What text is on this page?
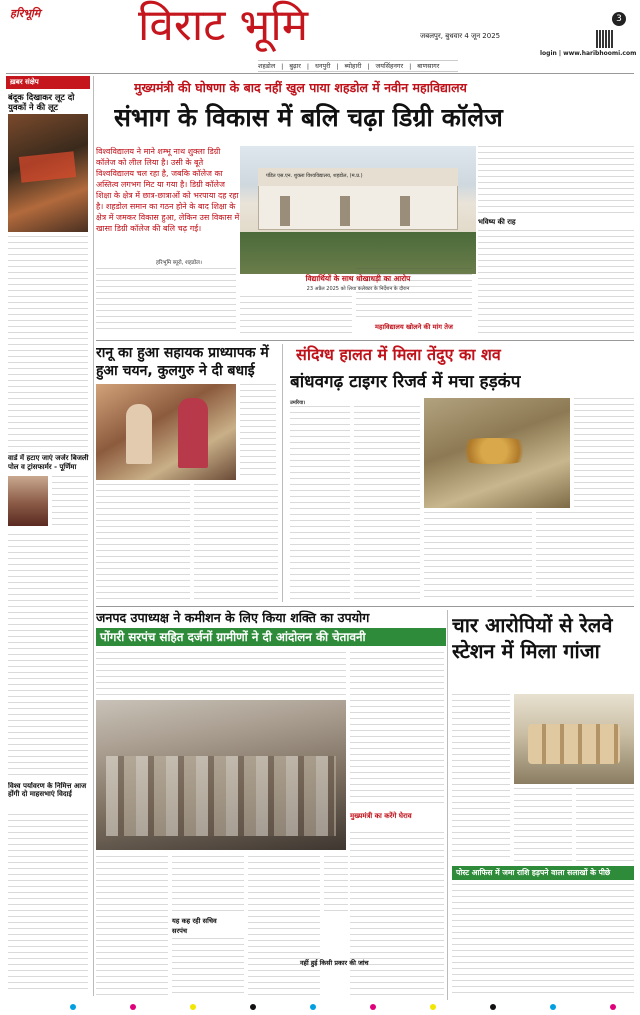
हरिभूमि विराट भूमि	3
जबलपुर, बुधवार 4 जून 2025
login | www.haribhoomi.com
शहडोल | बुढ़ार | धनपुरी | ब्योहारी | जयसिंहनगर | बाणसागर
ख़बर संक्षेप
बंदूक दिखाकर लूट दो युवकों ने की लूट
वार्ड में हटाए जाएं जर्जर बिजली पोल व ट्रांसफार्मर - पूर्णिमा
विश्व पर्यावरण के निमित्त आज होंगी दो माहसभाएं विदाई
मुख्यमंत्री की घोषणा के बाद नहीं खुल पाया शहडोल में नवीन महाविद्यालय
संभाग के विकास में बलि चढ़ा डिग्री कॉलेज
विश्वविद्यालय ने माने शम्भू नाथ शुक्ला डिग्री कॉलेज को लील लिया है। उसी के बूते विश्वविद्यालय चल रहा है, जबकि कॉलेज का अस्तित्व लगभग मिट या गया है। डिग्री कॉलेज शिक्षा के क्षेत्र में छात्र-छात्राओं को भरपाया दह रहा है। शहडोल समान का गठन होने के बाद शिक्षा के क्षेत्र में जमकर विकास हुआ, लेकिन उस विकास में खासा डिग्री कॉलेज की बलि चढ़ गई।
हरिभूमि ब्यूरो, शहडोल।
पंडित एस.एन. शुक्ला विश्वविद्यालय, शहडोल, (म.प्र.)
विद्यार्थियों के साथ धोखाधड़ी का आरोप
23 अप्रैल 2025 को लिया कलेक्टर के निर्देशन के दौरान
महाविद्यालय खोलने की मांग तेज
भविष्य की राह
रानू का हुआ सहायक प्राध्यापक में हुआ चयन, कुलगुरु ने दी बधाई
संदिग्ध हालत में मिला तेंदुए का शव
बांधवगढ़ टाइगर रिजर्व में मचा हड़कंप
उमरिया।
जनपद उपाध्यक्ष ने कमीशन के लिए किया शक्ति का उपयोग
पोंगरी सरपंच सहित दर्जनों ग्रामीणों ने दी आंदोलन की चेतावनी
यह कह रही सचिव
सरपंच
नहीं हुई किसी प्रकार की जांच
मुख्यमंत्री का करेंगे घेराव
चार आरोपियों से रेलवे स्टेशन में मिला गांजा
पोस्ट आफिस में जमा राशि हड़पने वाला सलाखों के पीछे
